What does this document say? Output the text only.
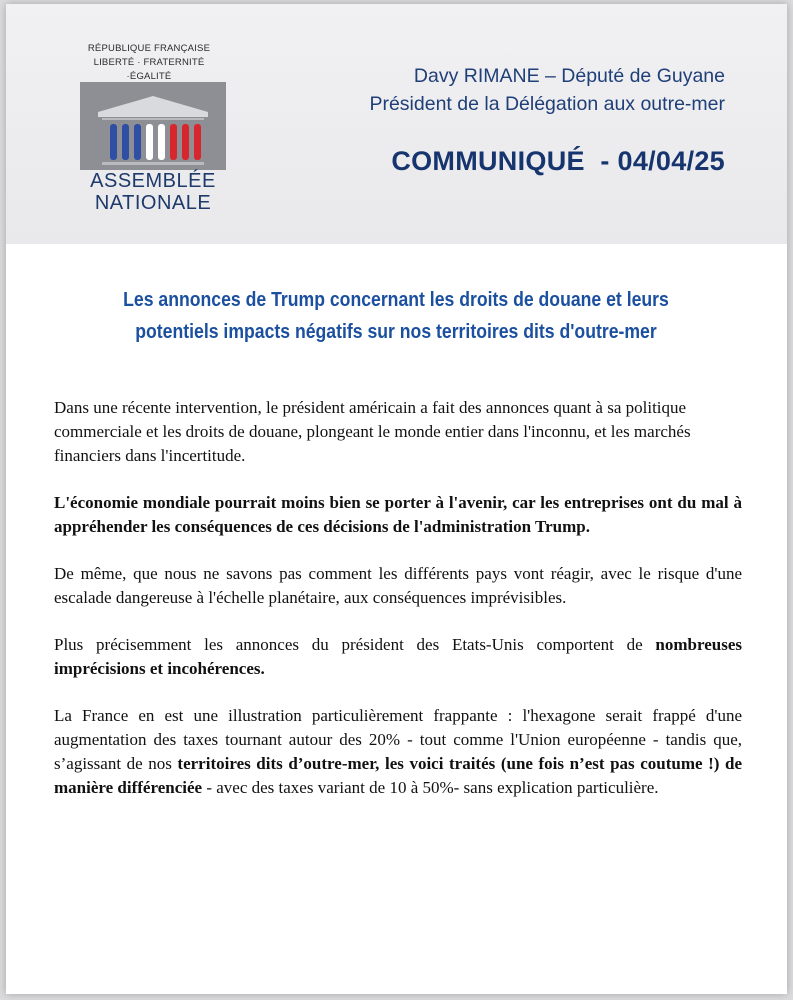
RÉPUBLIQUE FRANÇAISE
LIBERTÉ · FRATERNITÉ ·ÉGALITÉ
ASSEMBLÉE
NATIONALE
Davy RIMANE – Député de Guyane
Président de la Délégation aux outre-mer
COMMUNIQUÉ  - 04/04/25
Les annonces de Trump concernant les droits de douane et leurs
potentiels impacts négatifs sur nos territoires dits d'outre-mer

Dans une récente intervention, le président américain a fait des annonces quant à sa politique commerciale et les droits de douane, plongeant le monde entier dans l'inconnu, et les marchés financiers dans l'incertitude.

L'économie mondiale pourrait moins bien se porter à l'avenir, car les entreprises ont du mal à appréhender les conséquences de ces décisions de l'administration Trump.

De même, que nous ne savons pas comment les différents pays vont réagir, avec le risque d'une escalade dangereuse à l'échelle planétaire, aux conséquences imprévisibles.

Plus précisemment les annonces du président des Etats-Unis comportent de nombreuses imprécisions et incohérences.

La France en est une illustration particulièrement frappante : l'hexagone serait frappé d'une augmentation des taxes tournant autour des 20% - tout comme l'Union européenne - tandis que, s’agissant de nos territoires dits d’outre-mer, les voici traités (une fois n’est pas coutume !) de manière différenciée - avec des taxes variant de 10 à 50%- sans explication particulière.
